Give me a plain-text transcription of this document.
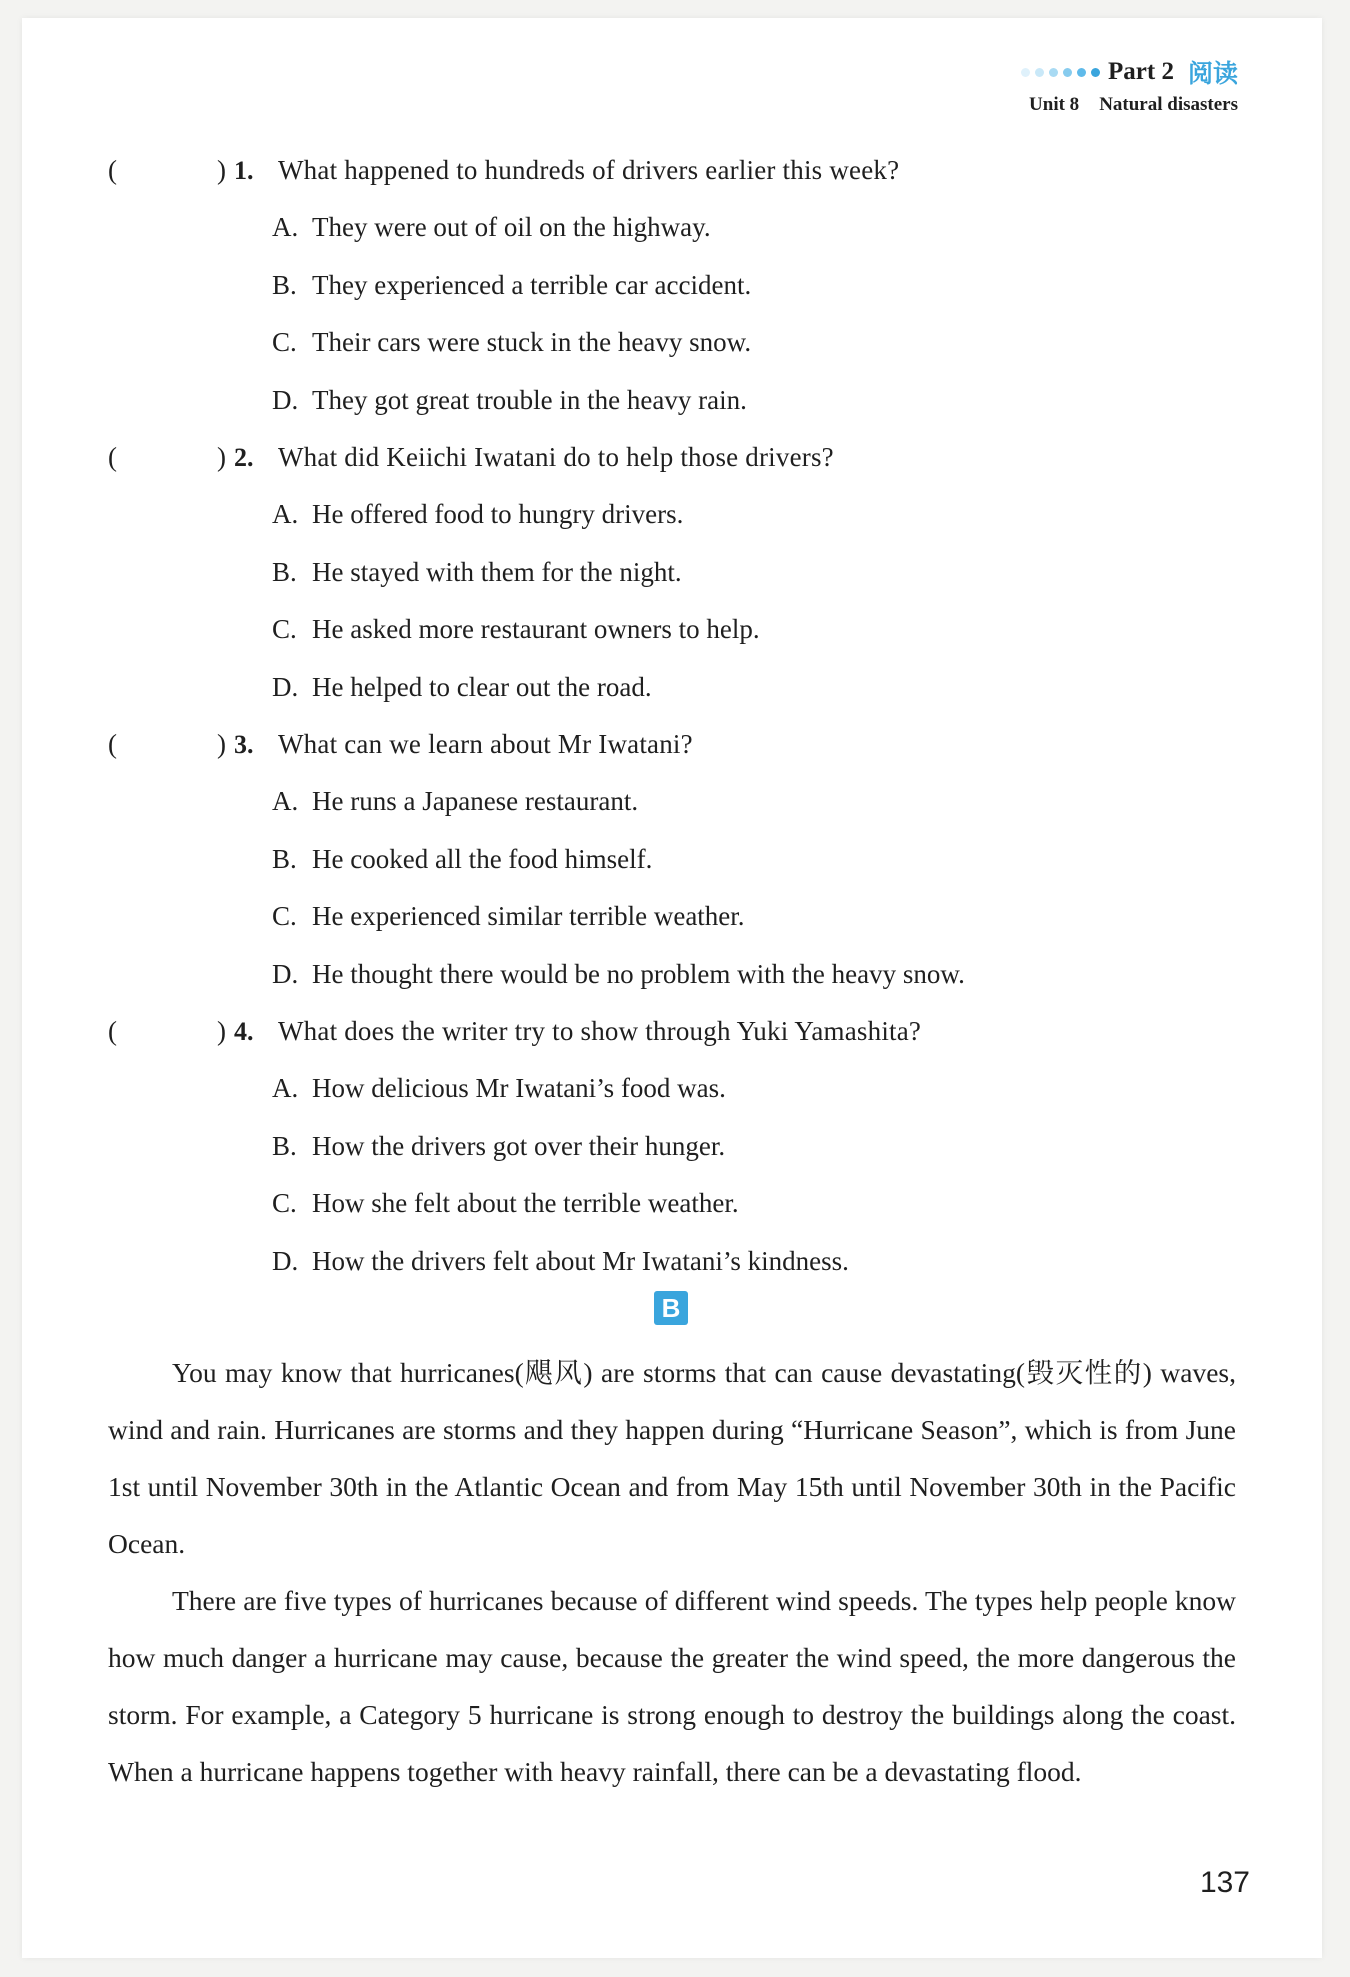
Part 2 阅读
Unit 8 Natural disasters
(	) 1. What happened to hundreds of drivers earlier this week?
A. They were out of oil on the highway.
B. They experienced a terrible car accident.
C. Their cars were stuck in the heavy snow.
D. They got great trouble in the heavy rain.
(	) 2. What did Keiichi Iwatani do to help those drivers?
A. He offered food to hungry drivers.
B. He stayed with them for the night.
C. He asked more restaurant owners to help.
D. He helped to clear out the road.
(	) 3. What can we learn about Mr Iwatani?
A. He runs a Japanese restaurant.
B. He cooked all the food himself.
C. He experienced similar terrible weather.
D. He thought there would be no problem with the heavy snow.
(	) 4. What does the writer try to show through Yuki Yamashita?
A. How delicious Mr Iwatani’s food was.
B. How the drivers got over their hunger.
C. How she felt about the terrible weather.
D. How the drivers felt about Mr Iwatani’s kindness.
B

You may know that hurricanes(飓风) are storms that can cause devastating(毁灭性的) waves, wind and rain. Hurricanes are storms and they happen during “Hurricane Season”, which is from June 1st until November 30th in the Atlantic Ocean and from May 15th until November 30th in the Pacific Ocean.

There are five types of hurricanes because of different wind speeds. The types help people know how much danger a hurricane may cause, because the greater the wind speed, the more dangerous the storm. For example, a Category 5 hurricane is strong enough to destroy the buildings along the coast. When a hurricane happens together with heavy rainfall, there can be a devastating flood.

137
